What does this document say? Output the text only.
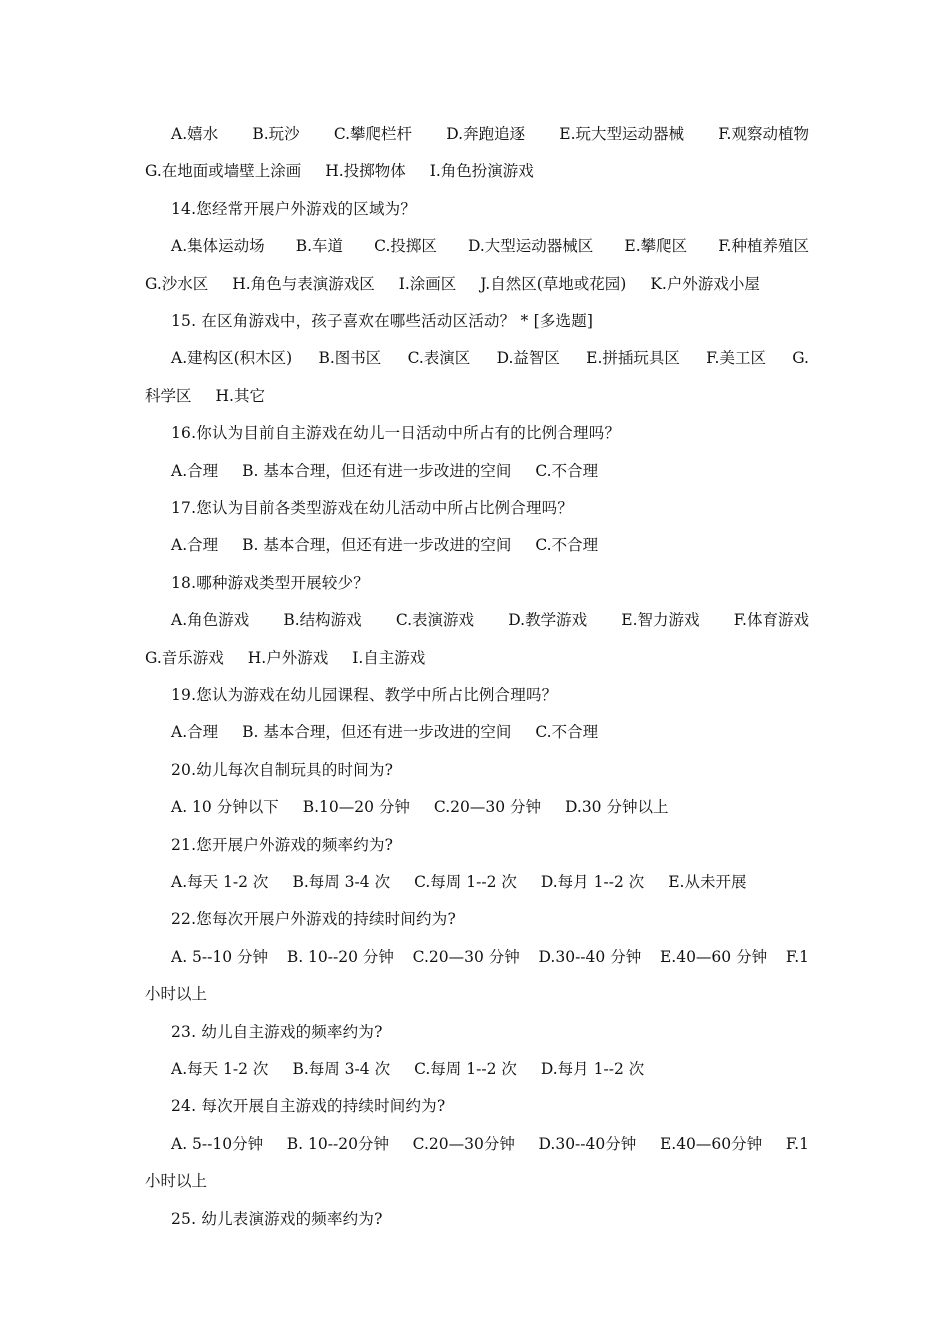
A.嬉水 B.玩沙 C.攀爬栏杆 D.奔跑追逐 E.玩大型运动器械 F.观察动植物
G.在地面或墙壁上涂画 H.投掷物体 I.角色扮演游戏
14.您经常开展户外游戏的区域为？
A.集体运动场 B.车道 C.投掷区 D.大型运动器械区 E.攀爬区 F.种植养殖区
G.沙水区 H.角色与表演游戏区 I.涂画区 J.自然区(草地或花园) K.户外游戏小屋
15. 在区角游戏中，孩子喜欢在哪些活动区活动？ * [多选题]
A.建构区(积木区) B.图书区 C.表演区 D.益智区 E.拼插玩具区 F.美工区 G.
科学区 H.其它
16.你认为目前自主游戏在幼儿一日活动中所占有的比例合理吗？
A.合理 B. 基本合理，但还有进一步改进的空间 C.不合理
17.您认为目前各类型游戏在幼儿活动中所占比例合理吗？
A.合理 B. 基本合理，但还有进一步改进的空间 C.不合理
18.哪种游戏类型开展较少？
A.角色游戏 B.结构游戏 C.表演游戏 D.教学游戏 E.智力游戏 F.体育游戏
G.音乐游戏 H.户外游戏 I.自主游戏
19.您认为游戏在幼儿园课程、教学中所占比例合理吗？
A.合理 B. 基本合理，但还有进一步改进的空间 C.不合理
20.幼儿每次自制玩具的时间为?
A. 10 分钟以下 B.10—20 分钟 C.20—30 分钟 D.30 分钟以上
21.您开展户外游戏的频率约为?
A.每天 1-2 次 B.每周 3-4 次 C.每周 1--2 次 D.每月 1--2 次 E.从未开展
22.您每次开展户外游戏的持续时间约为?
A. 5--10 分钟 B. 10--20 分钟 C.20—30 分钟 D.30--40 分钟 E.40—60 分钟 F.1
小时以上
23. 幼儿自主游戏的频率约为?
A.每天 1-2 次 B.每周 3-4 次 C.每周 1--2 次 D.每月 1--2 次
24. 每次开展自主游戏的持续时间约为?
A. 5--10分钟 B. 10--20分钟 C.20—30分钟 D.30--40分钟 E.40—60分钟 F.1
小时以上
25. 幼儿表演游戏的频率约为?
